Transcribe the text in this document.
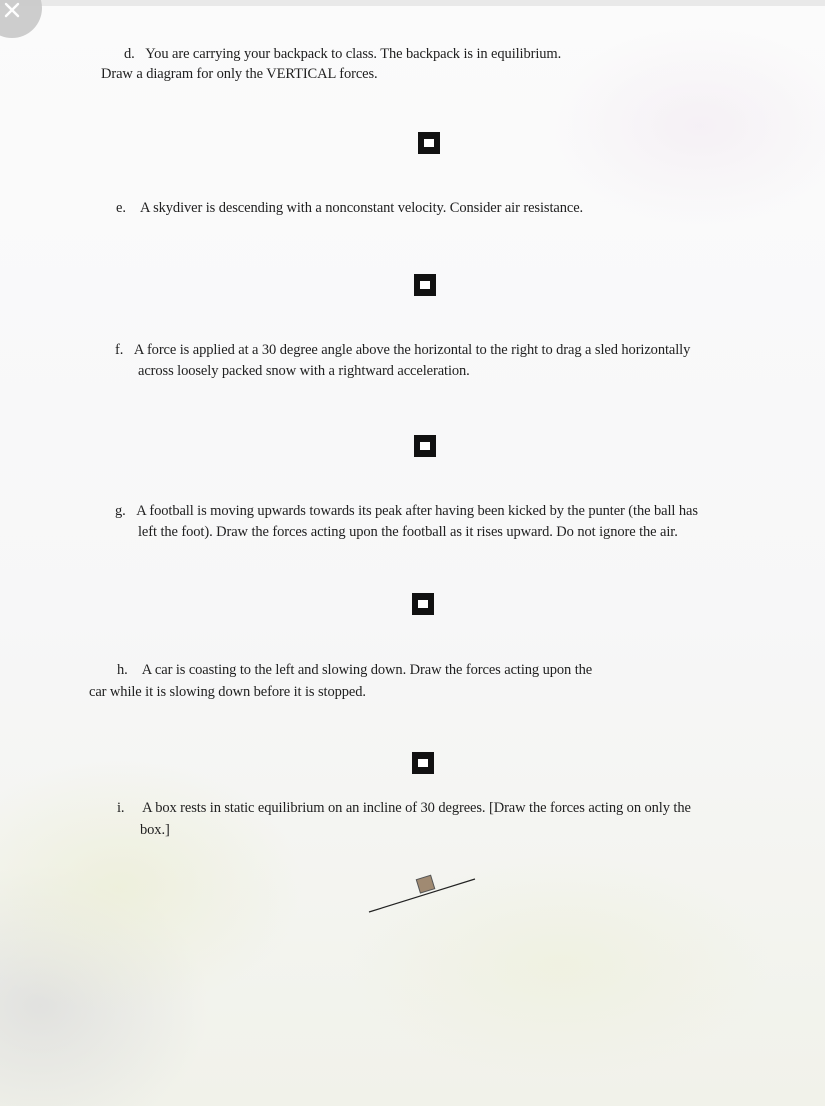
d. You are carrying your backpack to class. The backpack is in equilibrium.
Draw a diagram for only the VERTICAL forces.
e. A skydiver is descending with a nonconstant velocity. Consider air resistance.
f. A force is applied at a 30 degree angle above the horizontal to the right to drag a sled horizontally
across loosely packed snow with a rightward acceleration.
g. A football is moving upwards towards its peak after having been kicked by the punter (the ball has
left the foot). Draw the forces acting upon the football as it rises upward. Do not ignore the air.
h. A car is coasting to the left and slowing down. Draw the forces acting upon the
car while it is slowing down before it is stopped.
i. A box rests in static equilibrium on an incline of 30 degrees. [Draw the forces acting on only the
box.]
